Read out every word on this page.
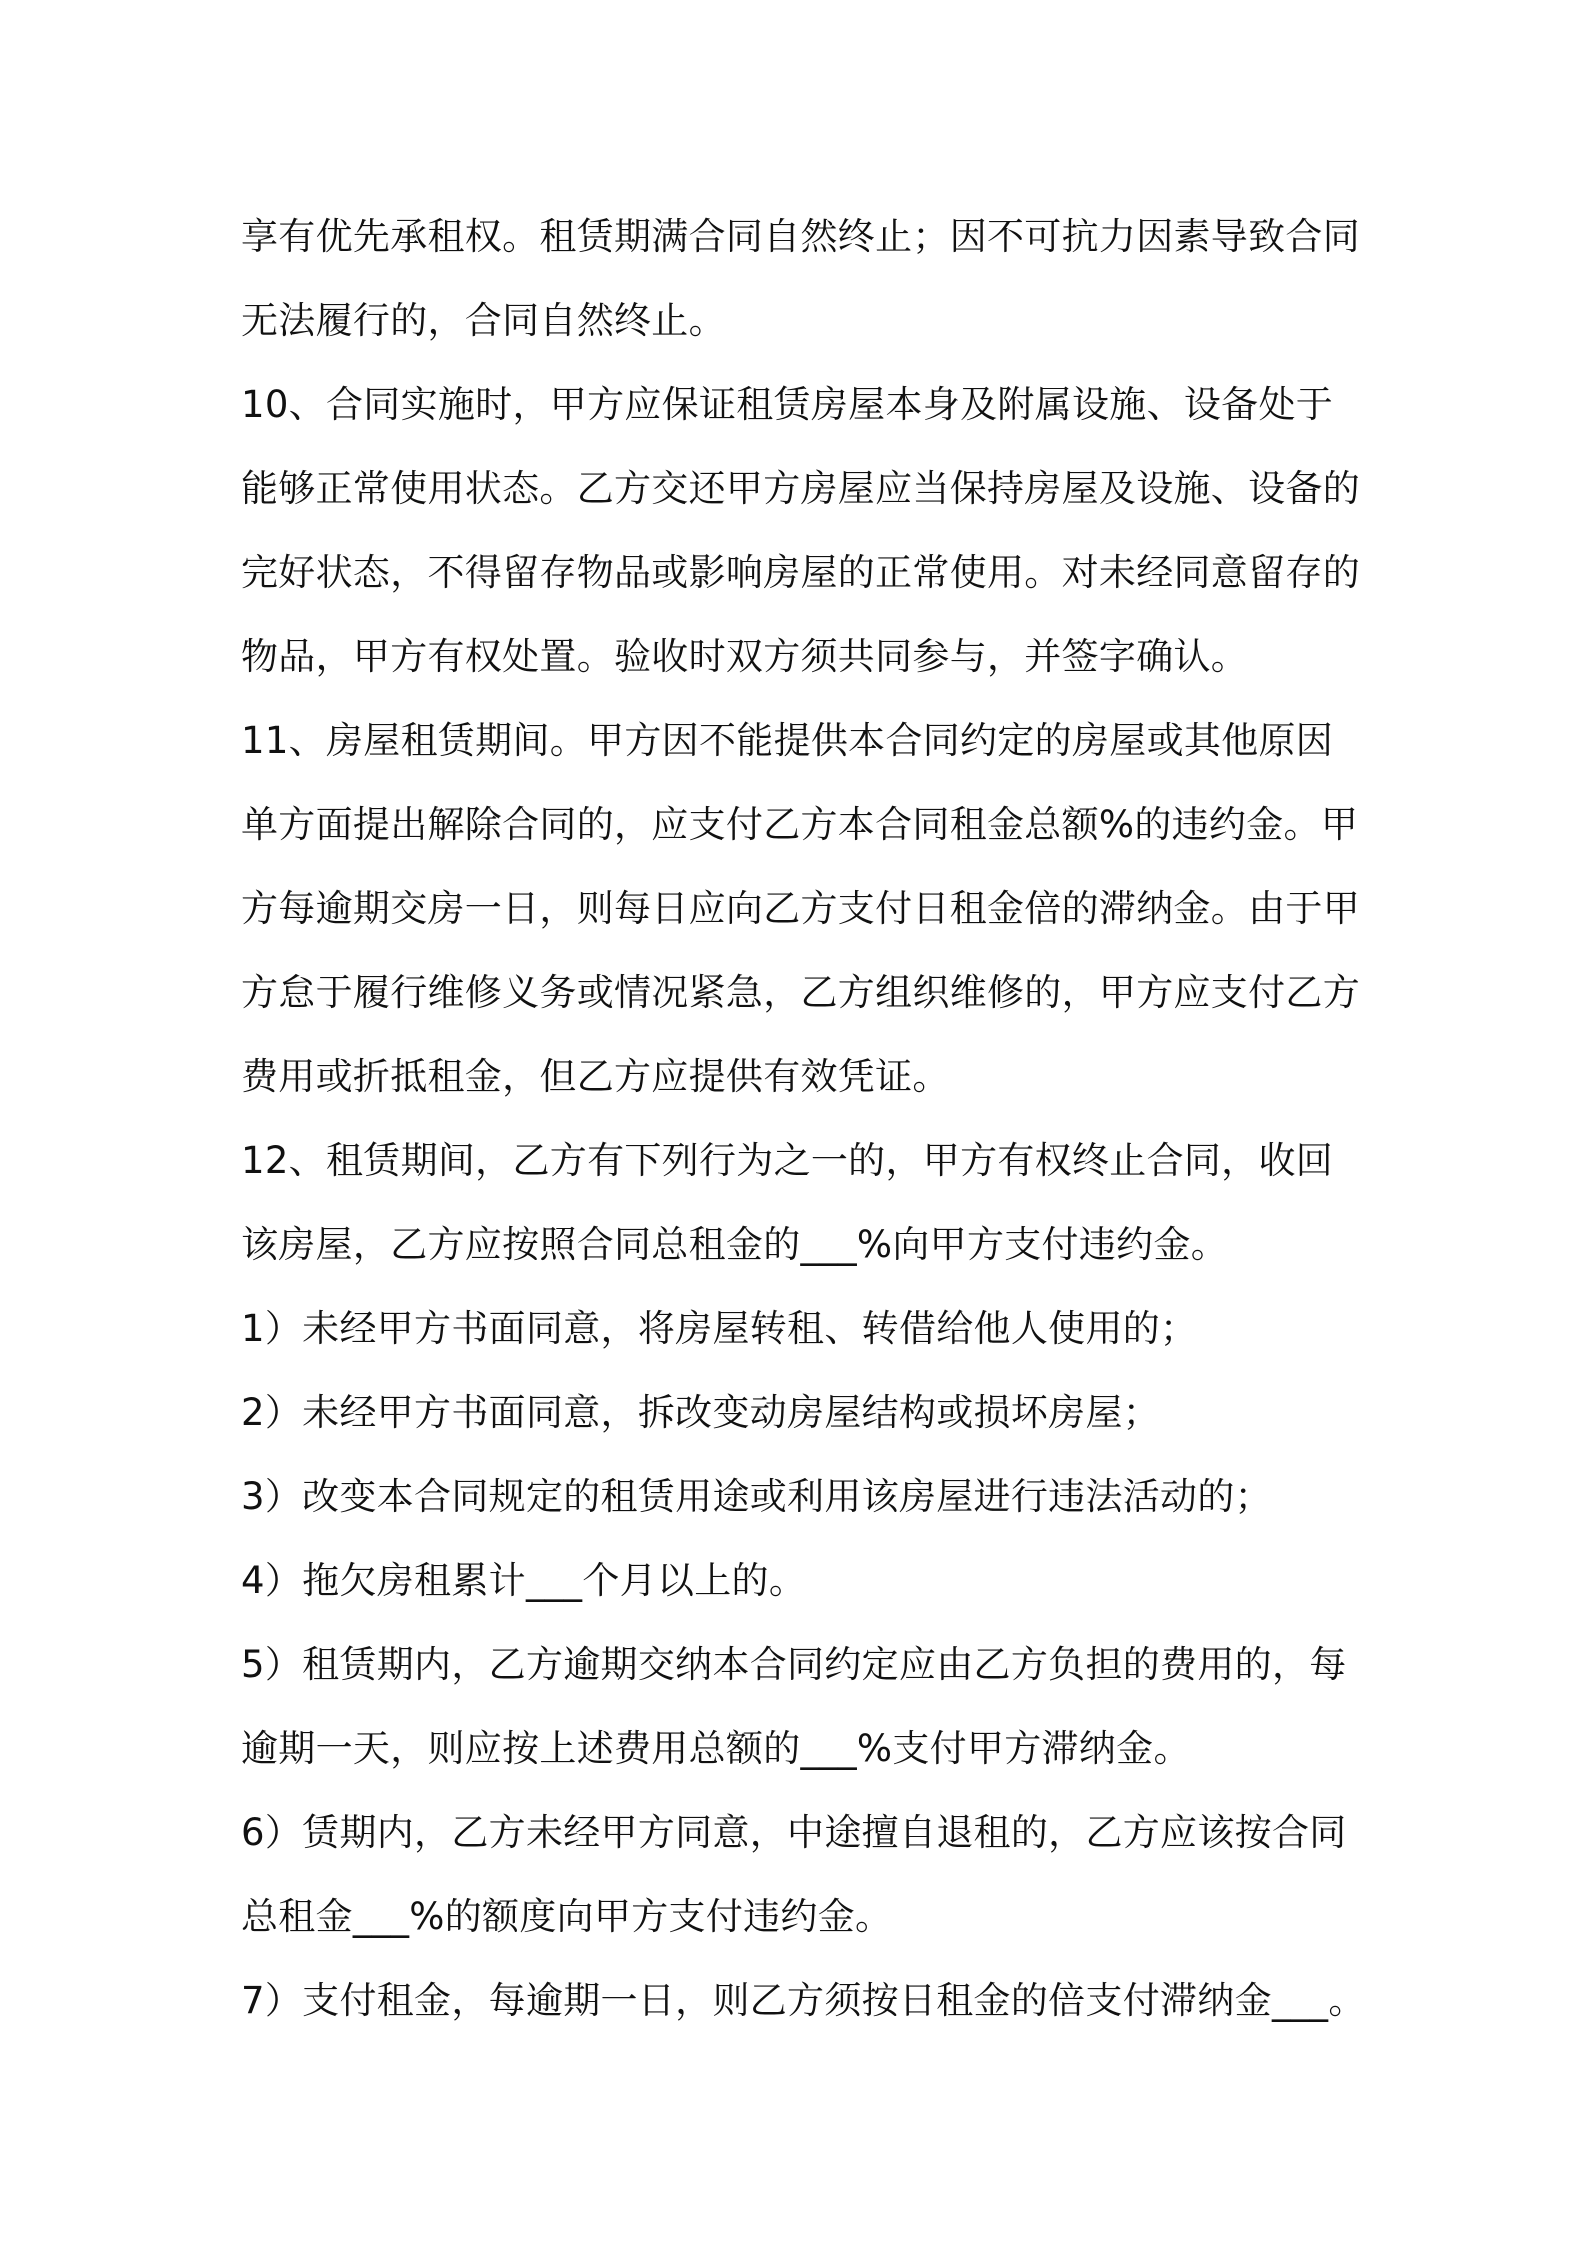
享有优先承租权。租赁期满合同自然终止；因不可抗力因素导致合同
无法履行的，合同自然终止。
10、合同实施时，甲方应保证租赁房屋本身及附属设施、设备处于
能够正常使用状态。乙方交还甲方房屋应当保持房屋及设施、设备的
完好状态，不得留存物品或影响房屋的正常使用。对未经同意留存的
物品，甲方有权处置。验收时双方须共同参与，并签字确认。
11、房屋租赁期间。甲方因不能提供本合同约定的房屋或其他原因
单方面提出解除合同的，应支付乙方本合同租金总额%的违约金。甲
方每逾期交房一日，则每日应向乙方支付日租金倍的滞纳金。由于甲
方怠于履行维修义务或情况紧急，乙方组织维修的，甲方应支付乙方
费用或折抵租金，但乙方应提供有效凭证。
12、租赁期间，乙方有下列行为之一的，甲方有权终止合同，收回
该房屋，乙方应按照合同总租金的___%向甲方支付违约金。
1）未经甲方书面同意，将房屋转租、转借给他人使用的；
2）未经甲方书面同意，拆改变动房屋结构或损坏房屋；
3）改变本合同规定的租赁用途或利用该房屋进行违法活动的；
4）拖欠房租累计___个月以上的。
5）租赁期内，乙方逾期交纳本合同约定应由乙方负担的费用的，每
逾期一天，则应按上述费用总额的___%支付甲方滞纳金。
6）赁期内，乙方未经甲方同意，中途擅自退租的，乙方应该按合同
总租金___%的额度向甲方支付违约金。
7）支付租金，每逾期一日，则乙方须按日租金的倍支付滞纳金___。
